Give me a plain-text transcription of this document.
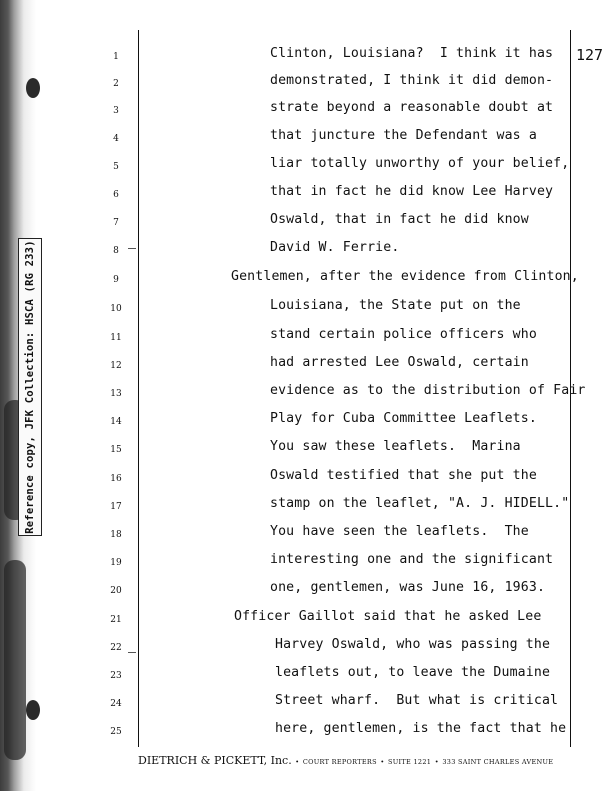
Reference copy, JFK Collection: HSCA (RG 233)
127
1
2
3
4
5
6
7
8
9
10
11
12
13
14
15
16
17
18
19
20
21
22
23
24
25
Clinton, Louisiana?  I think it has
demonstrated, I think it did demon-
strate beyond a reasonable doubt at
that juncture the Defendant was a
liar totally unworthy of your belief,
that in fact he did know Lee Harvey
Oswald, that in fact he did know
David W. Ferrie.
Gentlemen, after the evidence from Clinton,
Louisiana, the State put on the
stand certain police officers who
had arrested Lee Oswald, certain
evidence as to the distribution of Fair
Play for Cuba Committee Leaflets.
You saw these leaflets.  Marina
Oswald testified that she put the
stamp on the leaflet, "A. J. HIDELL."
You have seen the leaflets.  The
interesting one and the significant
one, gentlemen, was June 16, 1963.
Officer Gaillot said that he asked Lee
Harvey Oswald, who was passing the
leaflets out, to leave the Dumaine
Street wharf.  But what is critical
here, gentlemen, is the fact that he
DIETRICH & PICKETT, Inc. • COURT REPORTERS • SUITE 1221 • 333 SAINT CHARLES AVENUE
